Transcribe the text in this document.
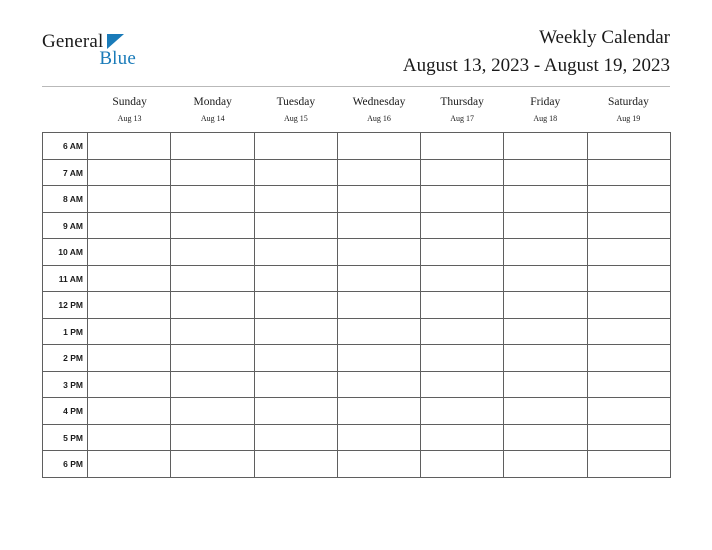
General
Blue
Weekly Calendar
August 13, 2023 - August 19, 2023
Sunday
Aug 13
Monday
Aug 14
Tuesday
Aug 15
Wednesday
Aug 16
Thursday
Aug 17
Friday
Aug 18
Saturday
Aug 19
6 AM
7 AM
8 AM
9 AM
10 AM
11 AM
12 PM
1 PM
2 PM
3 PM
4 PM
5 PM
6 PM
